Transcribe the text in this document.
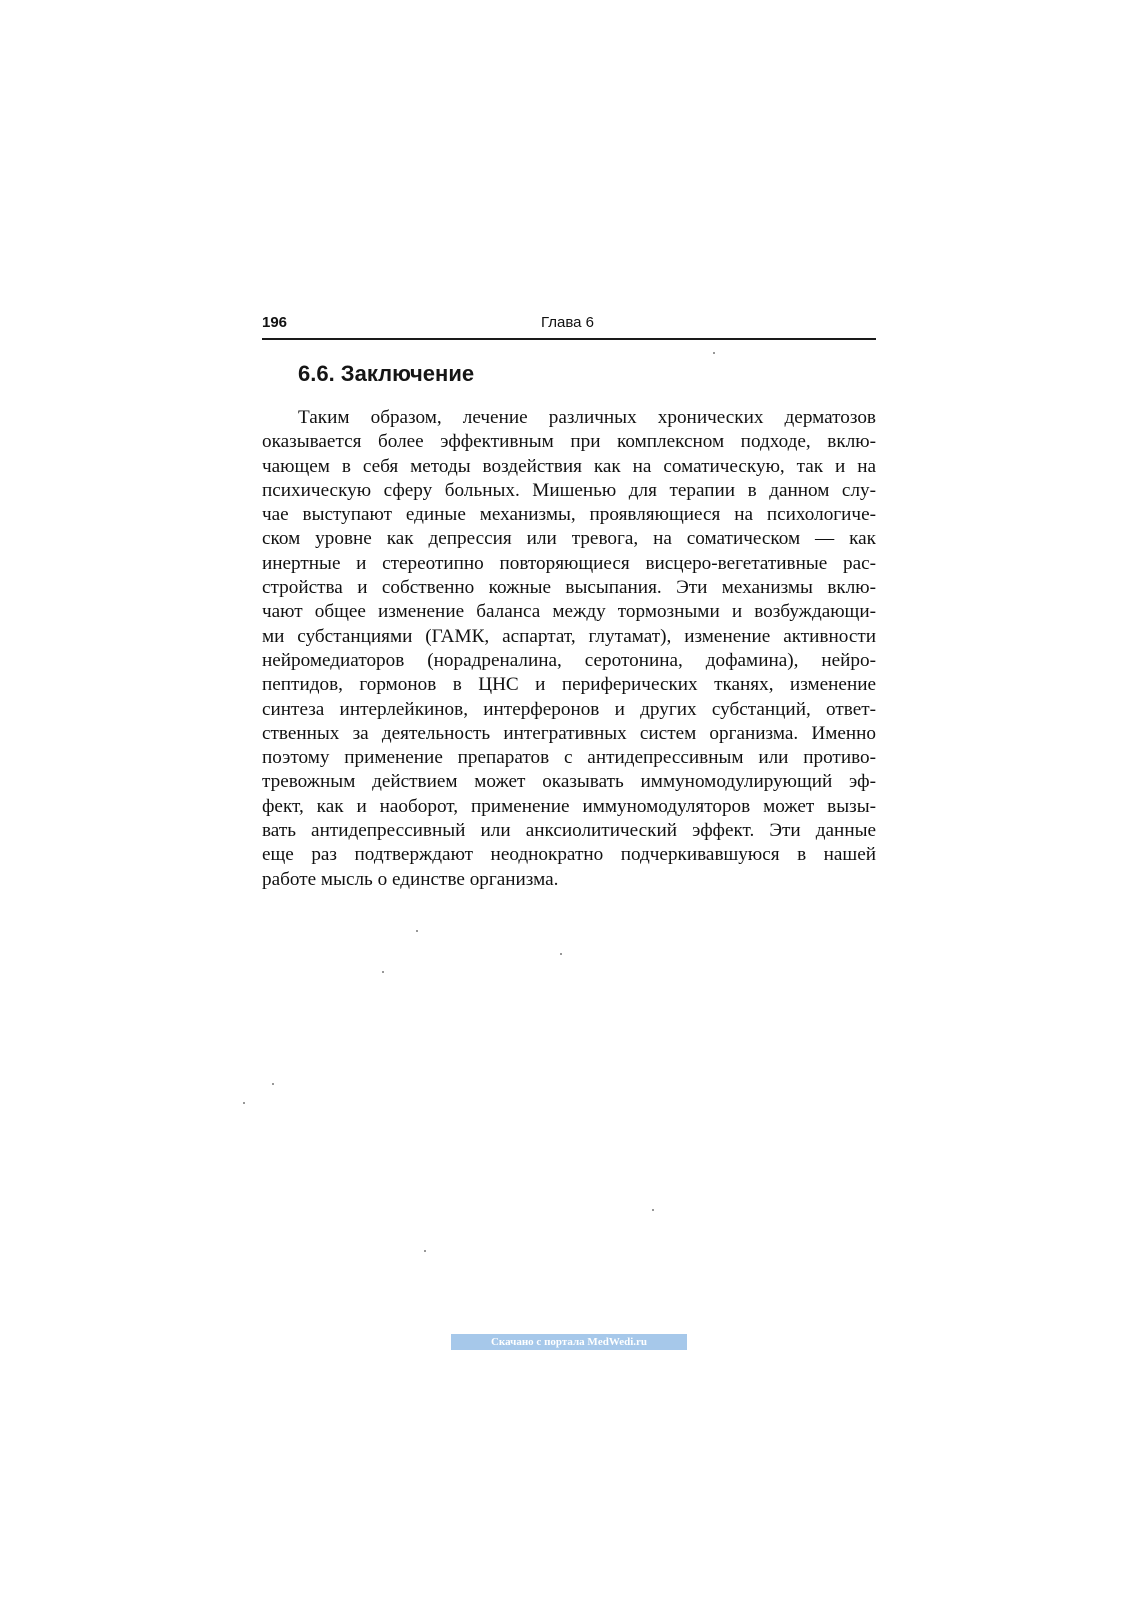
196	Глава 6
6.6. Заключение
Таким образом, лечение различных хронических дерматозов
оказывается более эффективным при комплексном подходе, вклю-
чающем в себя методы воздействия как на соматическую, так и на
психическую сферу больных. Мишенью для терапии в данном слу-
чае выступают единые механизмы, проявляющиеся на психологиче-
ском уровне как депрессия или тревога, на соматическом — как
инертные и стереотипно повторяющиеся висцеро-вегетативные рас-
стройства и собственно кожные высыпания. Эти механизмы вклю-
чают общее изменение баланса между тормозными и возбуждающи-
ми субстанциями (ГАМК, аспартат, глутамат), изменение активности
нейромедиаторов (норадреналина, серотонина, дофамина), нейро-
пептидов, гормонов в ЦНС и периферических тканях, изменение
синтеза интерлейкинов, интерферонов и других субстанций, ответ-
ственных за деятельность интегративных систем организма. Именно
поэтому применение препаратов с антидепрессивным или противо-
тревожным действием может оказывать иммуномодулирующий эф-
фект, как и наоборот, применение иммуномодуляторов может вызы-
вать антидепрессивный или анксиолитический эффект. Эти данные
еще раз подтверждают неоднократно подчеркивавшуюся в нашей
работе мысль о единстве организма.
Скачано с портала MedWedi.ru
